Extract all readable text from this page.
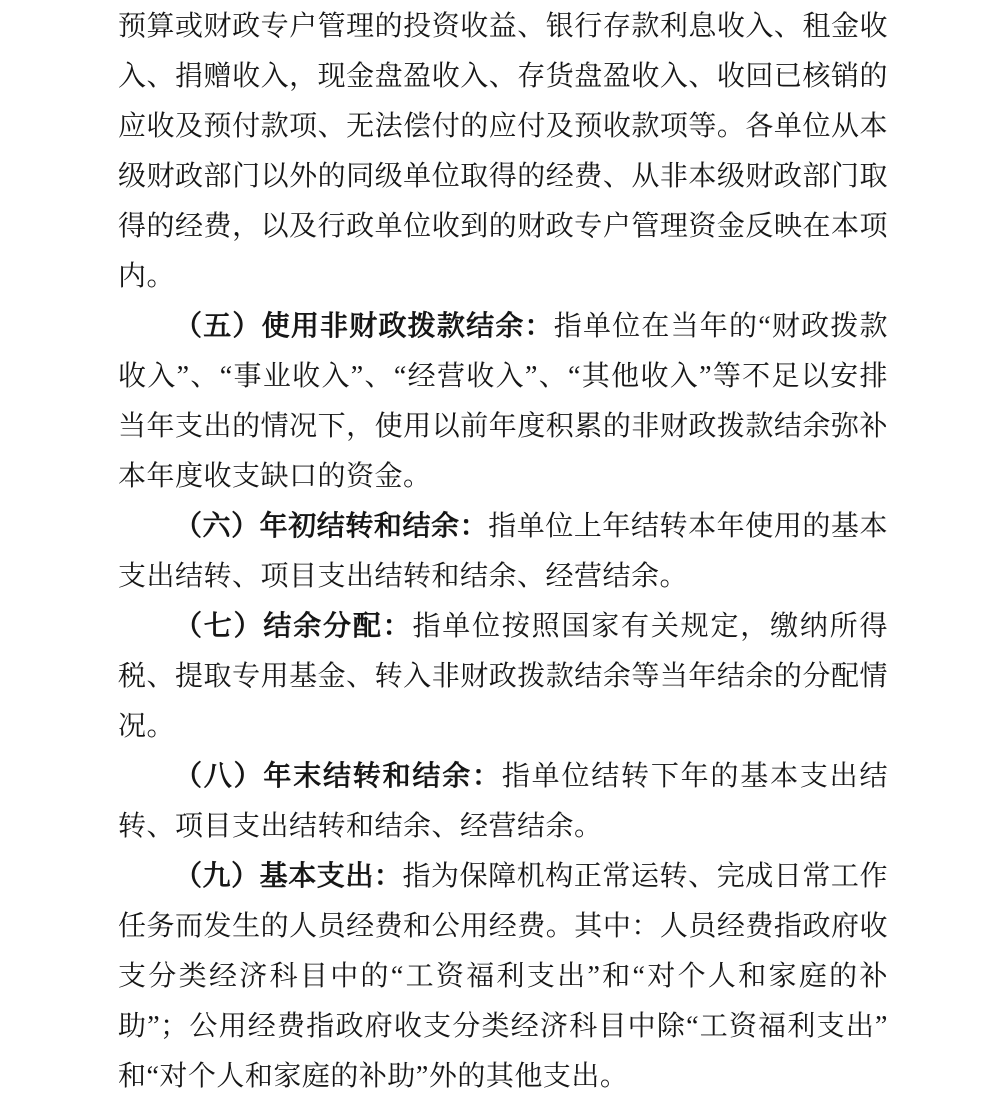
预算或财政专户管理的投资收益、银行存款利息收入、租金收入、捐赠收入，现金盘盈收入、存货盘盈收入、收回已核销的应收及预付款项、无法偿付的应付及预收款项等。各单位从本级财政部门以外的同级单位取得的经费、从非本级财政部门取得的经费，以及行政单位收到的财政专户管理资金反映在本项内。

（五）使用非财政拨款结余：指单位在当年的“财政拨款收入”、“事业收入”、“经营收入”、“其他收入”等不足以安排当年支出的情况下，使用以前年度积累的非财政拨款结余弥补本年度收支缺口的资金。

（六）年初结转和结余：指单位上年结转本年使用的基本支出结转、项目支出结转和结余、经营结余。

（七）结余分配：指单位按照国家有关规定，缴纳所得税、提取专用基金、转入非财政拨款结余等当年结余的分配情况。

（八）年末结转和结余：指单位结转下年的基本支出结转、项目支出结转和结余、经营结余。

（九）基本支出：指为保障机构正常运转、完成日常工作任务而发生的人员经费和公用经费。其中：人员经费指政府收支分类经济科目中的“工资福利支出”和“对个人和家庭的补助”；公用经费指政府收支分类经济科目中除“工资福利支出”和“对个人和家庭的补助”外的其他支出。
